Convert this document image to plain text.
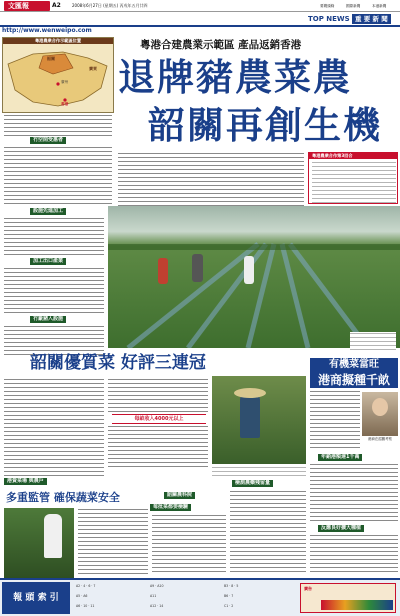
文匯報	A2	2008年6月27日 (星期五) 丙戌年五月廿四	要聞頭條	國際新聞	本港新聞
TOP NEWS 重 要 新 聞
http://www.wenweipo.com
粵港合建農業示範區 產品返銷香港
退牌豬農菜農
韶關再創生機
粵港農業合作示範區位置
廣東
韶關
廣州
香港
冇空閒受惠者
設施先進加工
加工出口產業
冇廠豬入設施
粵港農業合作第3回合
韶關優質菜 好評三連冠
每畝收入4000元以上
港資菜場 與農戶
有機菜當旺
港商擬種千畝
港商在韶關考察
年銷港額達1千萬
反應良好擴大種植
多重監管 確保蔬菜安全
每批菜都要檢驗
檢測農藥殘留量
韶關農科院
報 頭 索 引
A2 · 4 · 6 · 7	A9 · A10	B3 · 8 · 5
A5 · A6	A11	B6 · 7
A6 · 10 · 11	A12 · 14	C1 · 2
廣告
